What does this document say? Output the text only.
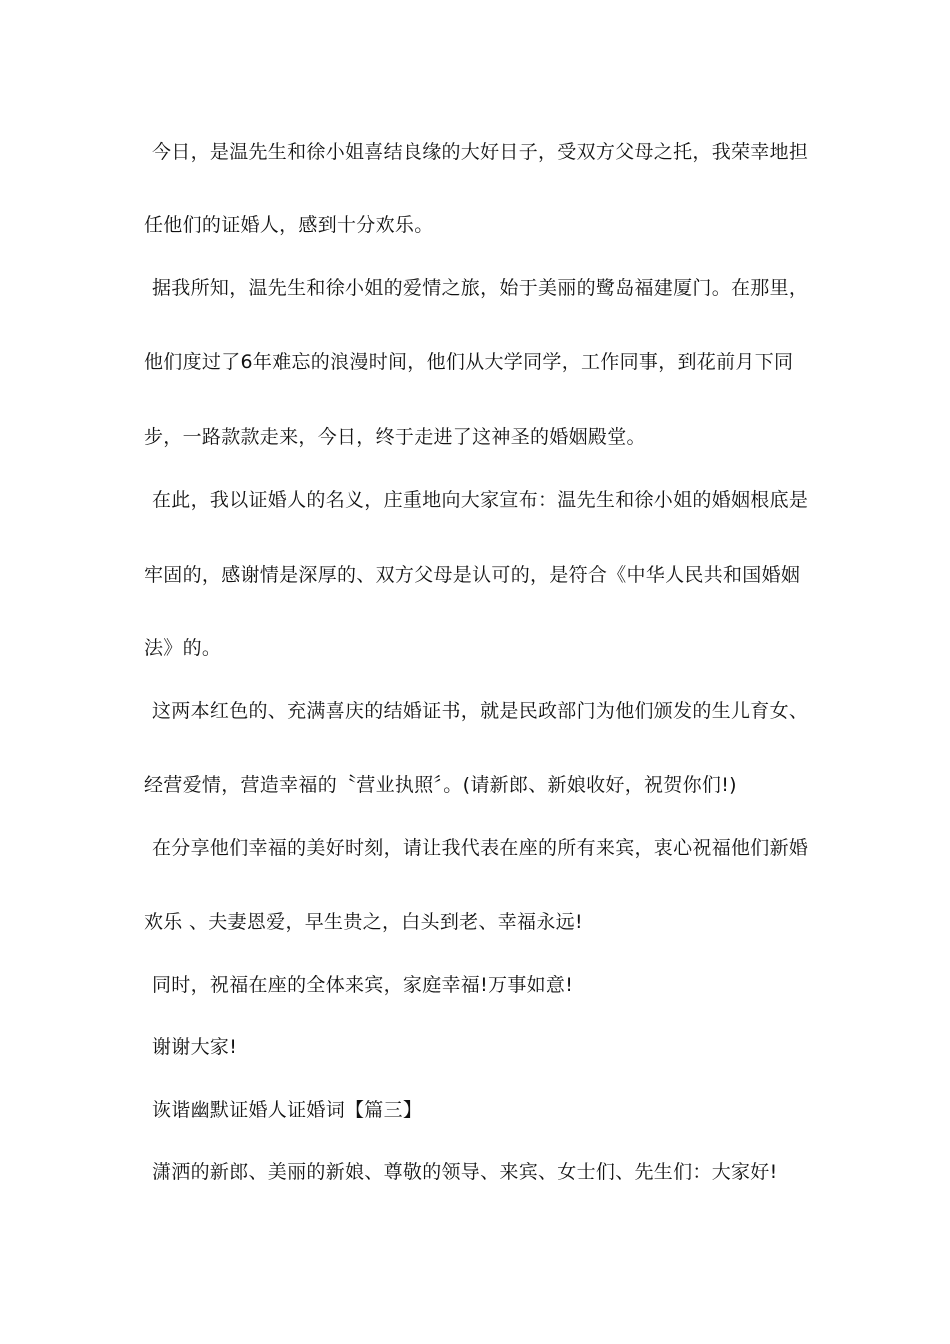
今日，是温先生和徐小姐喜结良缘的大好日子，受双方父母之托，我荣幸地担
任他们的证婚人，感到十分欢乐。
据我所知，温先生和徐小姐的爱情之旅，始于美丽的鹭岛福建厦门。在那里，
他们度过了6年难忘的浪漫时间，他们从大学同学，工作同事，到花前月下同
步，一路款款走来，今日，终于走进了这神圣的婚姻殿堂。
在此，我以证婚人的名义，庄重地向大家宣布：温先生和徐小姐的婚姻根底是
牢固的，感谢情是深厚的、双方父母是认可的，是符合《中华人民共和国婚姻
法》的。
这两本红色的、充满喜庆的结婚证书，就是民政部门为他们颁发的生儿育女、
经营爱情，营造幸福的〝营业执照〞。(请新郎、新娘收好，祝贺你们!)
在分享他们幸福的美好时刻，请让我代表在座的所有来宾，衷心祝福他们新婚
欢乐 、夫妻恩爱，早生贵之，白头到老、幸福永远!
同时，祝福在座的全体来宾，家庭幸福!万事如意!
谢谢大家!
诙谐幽默证婚人证婚词【篇三】
潇洒的新郎、美丽的新娘、尊敬的领导、来宾、女士们、先生们：大家好!
